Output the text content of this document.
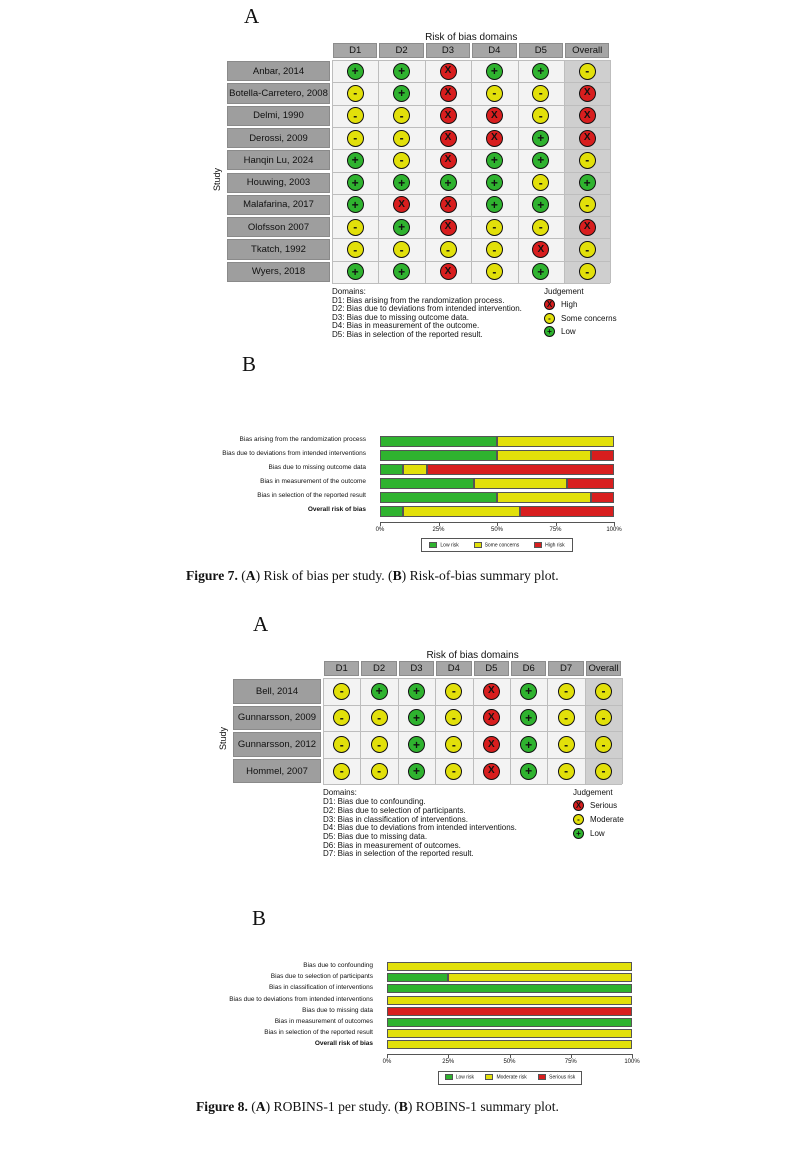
A
Risk of bias domains
D1	D2	D3	D4	D5	Overall
Anbar, 2014	+	+	X	+	+	-
Botella-Carretero, 2008	-	+	X	-	-	X
Delmi, 1990	-	-	X	X	-	X
Derossi, 2009	-	-	X	X	+	X
Hanqin Lu, 2024	+	-	X	+	+	-
Houwing, 2003	+	+	+	+	-	+
Malafarina, 2017	+	X	X	+	+	-
Olofsson 2007	-	+	X	-	-	X
Tkatch, 1992	-	-	-	-	X	-
Wyers, 2018	+	+	X	-	+	-
Study
Domains:
D1: Bias arising from the randomization process.
D2: Bias due to deviations from intended intervention.
D3: Bias due to missing outcome data.
D4: Bias in measurement of the outcome.
D5: Bias in selection of the reported result.
Judgement
X	High
-	Some concerns
+	Low
B
Bias arising from the randomization process
Bias due to deviations from intended interventions
Bias due to missing outcome data
Bias in measurement of the outcome
Bias in selection of the reported result
Overall risk of bias
0%	25%	50%	75%	100%
Low risk	Some concerns	High risk
Figure 7. (A) Risk of bias per study. (B) Risk-of-bias summary plot.
A
Risk of bias domains
D1	D2	D3	D4	D5	D6	D7	Overall
Bell, 2014	-	+	+	-	X	+	-	-
Gunnarsson, 2009	-	-	+	-	X	+	-	-
Gunnarsson, 2012	-	-	+	-	X	+	-	-
Hommel, 2007	-	-	+	-	X	+	-	-
Study
Domains:
D1: Bias due to confounding.
D2: Bias due to selection of participants.
D3: Bias in classification of interventions.
D4: Bias due to deviations from intended interventions.
D5: Bias due to missing data.
D6: Bias in measurement of outcomes.
D7: Bias in selection of the reported result.
Judgement
X	Serious
-	Moderate
+	Low
B
Bias due to confounding
Bias due to selection of participants
Bias in classification of interventions
Bias due to deviations from intended interventions
Bias due to missing data
Bias in measurement of outcomes
Bias in selection of the reported result
Overall risk of bias
0%	25%	50%	75%	100%
Low risk	Moderate risk	Serious risk
Figure 8. (A) ROBINS-1 per study. (B) ROBINS-1 summary plot.
